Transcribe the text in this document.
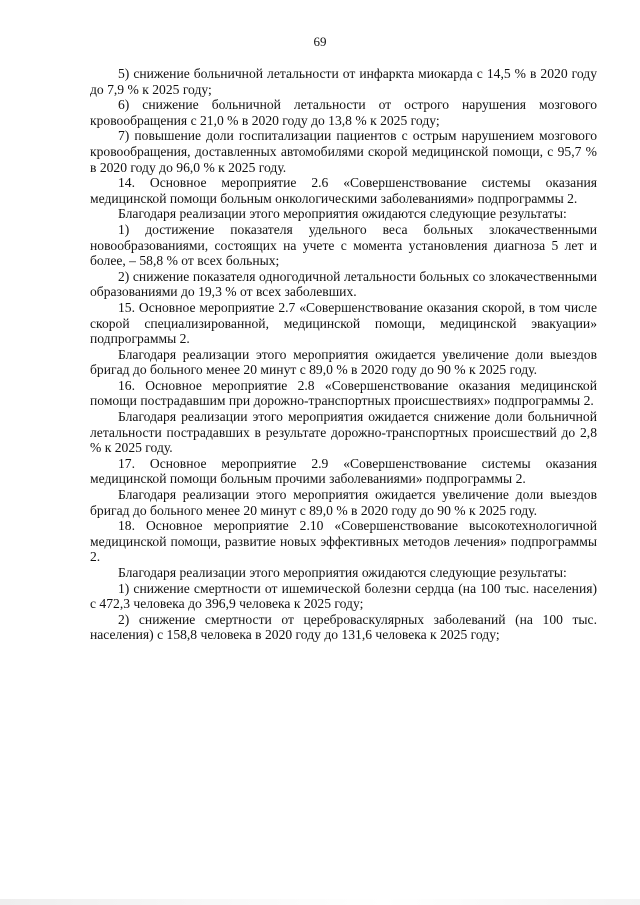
69

5) снижение больничной летальности от инфаркта миокарда с 14,5 % в 2020 году до 7,9 % к 2025 году;

6) снижение больничной летальности от острого нарушения мозгового кровообращения с 21,0 % в 2020 году до 13,8 % к 2025 году;

7) повышение доли госпитализации пациентов с острым нарушением мозгового кровообращения, доставленных автомобилями скорой медицинской помощи, с 95,7 % в 2020 году до 96,0 % к 2025 году.

14. Основное мероприятие 2.6 «Совершенствование системы оказания медицинской помощи больным онкологическими заболеваниями» подпрограммы 2.

Благодаря реализации этого мероприятия ожидаются следующие результаты:

1) достижение показателя удельного веса больных злокачественными новообразованиями, состоящих на учете с момента установления диагноза 5 лет и более, – 58,8 % от всех больных;

2) снижение показателя одногодичной летальности больных со злокачественными образованиями до 19,3 % от всех заболевших.

15. Основное мероприятие 2.7 «Совершенствование оказания скорой, в том числе скорой специализированной, медицинской помощи, медицинской эвакуации» подпрограммы 2.

Благодаря реализации этого мероприятия ожидается увеличение доли выездов бригад до больного менее 20 минут с 89,0 % в 2020 году до 90 % к 2025 году.

16. Основное мероприятие 2.8 «Совершенствование оказания медицинской помощи пострадавшим при дорожно-транспортных происшествиях» подпрограммы 2.

Благодаря реализации этого мероприятия ожидается снижение доли больничной летальности пострадавших в результате дорожно-транспортных происшествий до 2,8 % к 2025 году.

17. Основное мероприятие 2.9 «Совершенствование системы оказания медицинской помощи больным прочими заболеваниями» подпрограммы 2.

Благодаря реализации этого мероприятия ожидается увеличение доли выездов бригад до больного менее 20 минут с 89,0 % в 2020 году до 90 % к 2025 году.

18. Основное мероприятие 2.10 «Совершенствование высокотехнологичной медицинской помощи, развитие новых эффективных методов лечения» подпрограммы 2.

Благодаря реализации этого мероприятия ожидаются следующие результаты:

1) снижение смертности от ишемической болезни сердца (на 100 тыс. населения) с 472,3 человека до 396,9 человека к 2025 году;

2) снижение смертности от цереброваскулярных заболеваний (на 100 тыс. населения) с 158,8 человека в 2020 году до 131,6 человека к 2025 году;
